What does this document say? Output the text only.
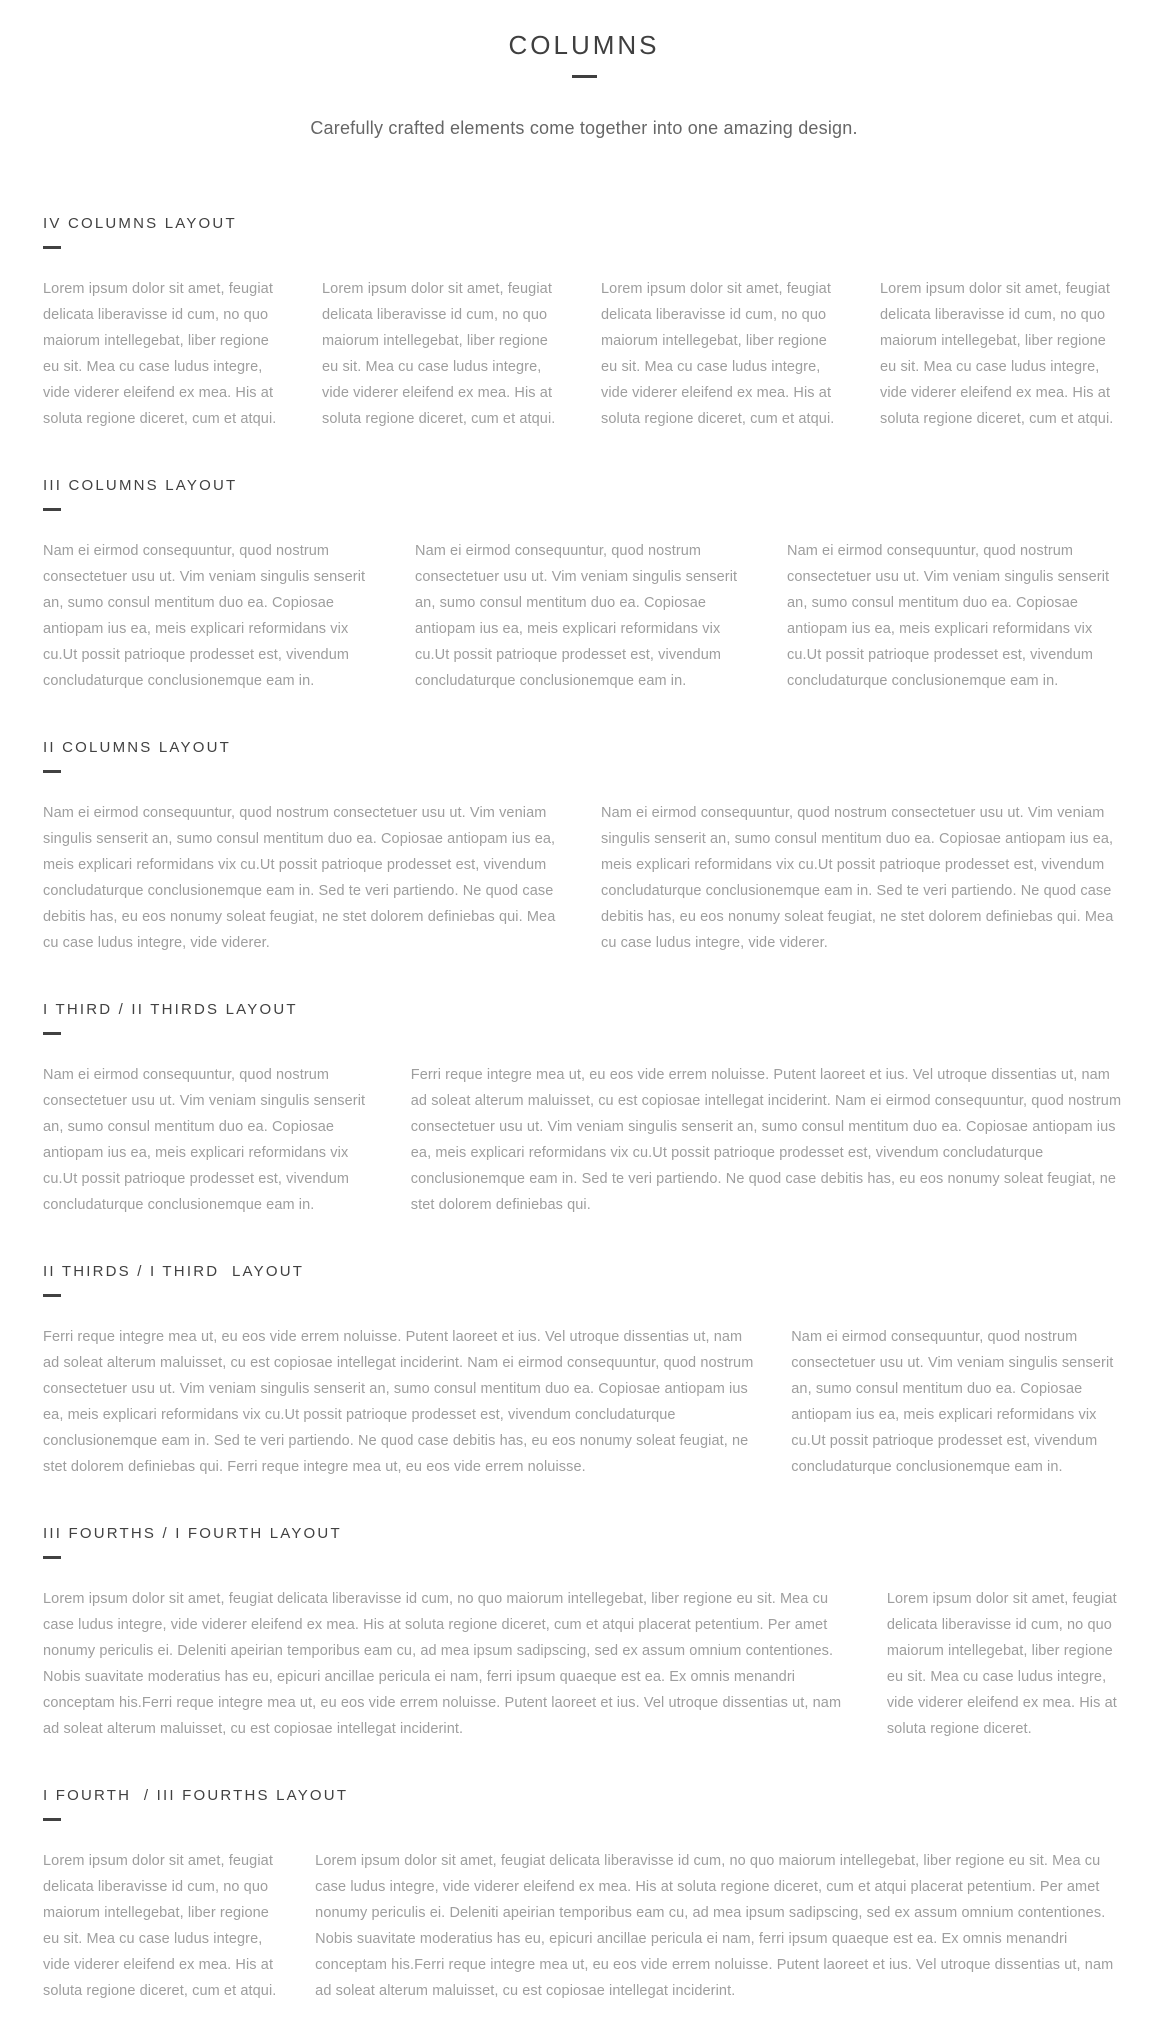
COLUMNS

Carefully crafted elements come together into one amazing design.

IV COLUMNS LAYOUT

Lorem ipsum dolor sit amet, feugiat delicata liberavisse id cum, no quo maiorum intellegebat, liber regione eu sit. Mea cu case ludus integre, vide viderer eleifend ex mea. His at soluta regione diceret, cum et atqui.

Lorem ipsum dolor sit amet, feugiat delicata liberavisse id cum, no quo maiorum intellegebat, liber regione eu sit. Mea cu case ludus integre, vide viderer eleifend ex mea. His at soluta regione diceret, cum et atqui.

Lorem ipsum dolor sit amet, feugiat delicata liberavisse id cum, no quo maiorum intellegebat, liber regione eu sit. Mea cu case ludus integre, vide viderer eleifend ex mea. His at soluta regione diceret, cum et atqui.

Lorem ipsum dolor sit amet, feugiat delicata liberavisse id cum, no quo maiorum intellegebat, liber regione eu sit. Mea cu case ludus integre, vide viderer eleifend ex mea. His at soluta regione diceret, cum et atqui.

III COLUMNS LAYOUT

Nam ei eirmod consequuntur, quod nostrum consectetuer usu ut. Vim veniam singulis senserit an, sumo consul mentitum duo ea. Copiosae antiopam ius ea, meis explicari reformidans vix cu.Ut possit patrioque prodesset est, vivendum concludaturque conclusionemque eam in.

Nam ei eirmod consequuntur, quod nostrum consectetuer usu ut. Vim veniam singulis senserit an, sumo consul mentitum duo ea. Copiosae antiopam ius ea, meis explicari reformidans vix cu.Ut possit patrioque prodesset est, vivendum concludaturque conclusionemque eam in.

Nam ei eirmod consequuntur, quod nostrum consectetuer usu ut. Vim veniam singulis senserit an, sumo consul mentitum duo ea. Copiosae antiopam ius ea, meis explicari reformidans vix cu.Ut possit patrioque prodesset est, vivendum concludaturque conclusionemque eam in.

II COLUMNS LAYOUT

Nam ei eirmod consequuntur, quod nostrum consectetuer usu ut. Vim veniam singulis senserit an, sumo consul mentitum duo ea. Copiosae antiopam ius ea, meis explicari reformidans vix cu.Ut possit patrioque prodesset est, vivendum concludaturque conclusionemque eam in. Sed te veri partiendo. Ne quod case debitis has, eu eos nonumy soleat feugiat, ne stet dolorem definiebas qui. Mea cu case ludus integre, vide viderer.

Nam ei eirmod consequuntur, quod nostrum consectetuer usu ut. Vim veniam singulis senserit an, sumo consul mentitum duo ea. Copiosae antiopam ius ea, meis explicari reformidans vix cu.Ut possit patrioque prodesset est, vivendum concludaturque conclusionemque eam in. Sed te veri partiendo. Ne quod case debitis has, eu eos nonumy soleat feugiat, ne stet dolorem definiebas qui. Mea cu case ludus integre, vide viderer.

I THIRD / II THIRDS LAYOUT

Nam ei eirmod consequuntur, quod nostrum consectetuer usu ut. Vim veniam singulis senserit an, sumo consul mentitum duo ea. Copiosae antiopam ius ea, meis explicari reformidans vix cu.Ut possit patrioque prodesset est, vivendum concludaturque conclusionemque eam in.

Ferri reque integre mea ut, eu eos vide errem noluisse. Putent laoreet et ius. Vel utroque dissentias ut, nam ad soleat alterum maluisset, cu est copiosae intellegat inciderint. Nam ei eirmod consequuntur, quod nostrum consectetuer usu ut. Vim veniam singulis senserit an, sumo consul mentitum duo ea. Copiosae antiopam ius ea, meis explicari reformidans vix cu.Ut possit patrioque prodesset est, vivendum concludaturque conclusionemque eam in. Sed te veri partiendo. Ne quod case debitis has, eu eos nonumy soleat feugiat, ne stet dolorem definiebas qui.

II THIRDS / I THIRD  LAYOUT

Ferri reque integre mea ut, eu eos vide errem noluisse. Putent laoreet et ius. Vel utroque dissentias ut, nam ad soleat alterum maluisset, cu est copiosae intellegat inciderint. Nam ei eirmod consequuntur, quod nostrum consectetuer usu ut. Vim veniam singulis senserit an, sumo consul mentitum duo ea. Copiosae antiopam ius ea, meis explicari reformidans vix cu.Ut possit patrioque prodesset est, vivendum concludaturque conclusionemque eam in. Sed te veri partiendo. Ne quod case debitis has, eu eos nonumy soleat feugiat, ne stet dolorem definiebas qui. Ferri reque integre mea ut, eu eos vide errem noluisse.

Nam ei eirmod consequuntur, quod nostrum consectetuer usu ut. Vim veniam singulis senserit an, sumo consul mentitum duo ea. Copiosae antiopam ius ea, meis explicari reformidans vix cu.Ut possit patrioque prodesset est, vivendum concludaturque conclusionemque eam in.

III FOURTHS / I FOURTH LAYOUT

Lorem ipsum dolor sit amet, feugiat delicata liberavisse id cum, no quo maiorum intellegebat, liber regione eu sit. Mea cu case ludus integre, vide viderer eleifend ex mea. His at soluta regione diceret, cum et atqui placerat petentium. Per amet nonumy periculis ei. Deleniti apeirian temporibus eam cu, ad mea ipsum sadipscing, sed ex assum omnium contentiones. Nobis suavitate moderatius has eu, epicuri ancillae pericula ei nam, ferri ipsum quaeque est ea. Ex omnis menandri conceptam his.Ferri reque integre mea ut, eu eos vide errem noluisse. Putent laoreet et ius. Vel utroque dissentias ut, nam ad soleat alterum maluisset, cu est copiosae intellegat inciderint.

Lorem ipsum dolor sit amet, feugiat delicata liberavisse id cum, no quo maiorum intellegebat, liber regione eu sit. Mea cu case ludus integre, vide viderer eleifend ex mea. His at soluta regione diceret.

I FOURTH  / III FOURTHS LAYOUT

Lorem ipsum dolor sit amet, feugiat delicata liberavisse id cum, no quo maiorum intellegebat, liber regione eu sit. Mea cu case ludus integre, vide viderer eleifend ex mea. His at soluta regione diceret, cum et atqui.

Lorem ipsum dolor sit amet, feugiat delicata liberavisse id cum, no quo maiorum intellegebat, liber regione eu sit. Mea cu case ludus integre, vide viderer eleifend ex mea. His at soluta regione diceret, cum et atqui placerat petentium. Per amet nonumy periculis ei. Deleniti apeirian temporibus eam cu, ad mea ipsum sadipscing, sed ex assum omnium contentiones. Nobis suavitate moderatius has eu, epicuri ancillae pericula ei nam, ferri ipsum quaeque est ea. Ex omnis menandri conceptam his.Ferri reque integre mea ut, eu eos vide errem noluisse. Putent laoreet et ius. Vel utroque dissentias ut, nam ad soleat alterum maluisset, cu est copiosae intellegat inciderint.
